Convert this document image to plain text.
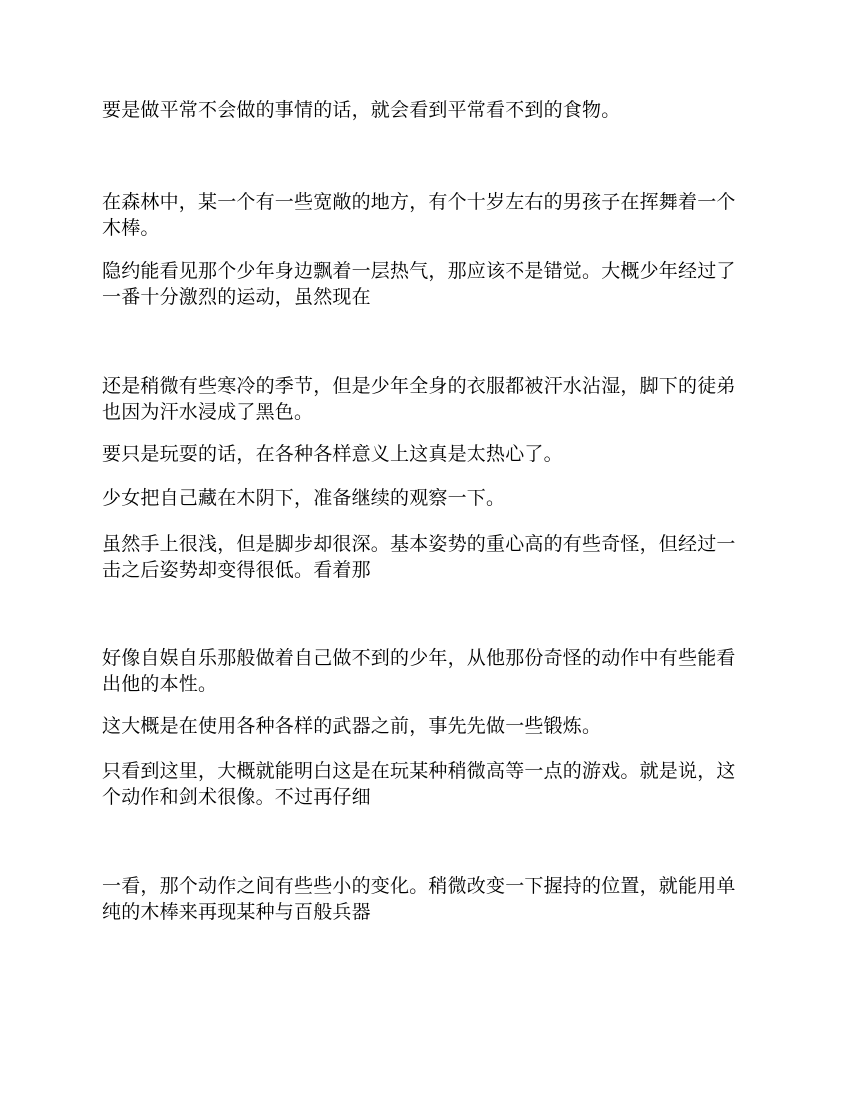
要是做平常不会做的事情的话，就会看到平常看不到的食物。

在森林中，某一个有一些宽敞的地方，有个十岁左右的男孩子在挥舞着一个木棒。

隐约能看见那个少年身边飘着一层热气，那应该不是错觉。大概少年经过了一番十分激烈的运动，虽然现在

还是稍微有些寒冷的季节，但是少年全身的衣服都被汗水沾湿，脚下的徒弟也因为汗水浸成了黑色。

要只是玩耍的话，在各种各样意义上这真是太热心了。

少女把自己藏在木阴下，准备继续的观察一下。

虽然手上很浅，但是脚步却很深。基本姿势的重心高的有些奇怪，但经过一击之后姿势却变得很低。看着那

好像自娱自乐那般做着自己做不到的少年，从他那份奇怪的动作中有些能看出他的本性。

这大概是在使用各种各样的武器之前，事先先做一些锻炼。

只看到这里，大概就能明白这是在玩某种稍微高等一点的游戏。就是说，这个动作和剑术很像。不过再仔细

一看，那个动作之间有些些小的变化。稍微改变一下握持的位置，就能用单纯的木棒来再现某种与百般兵器
